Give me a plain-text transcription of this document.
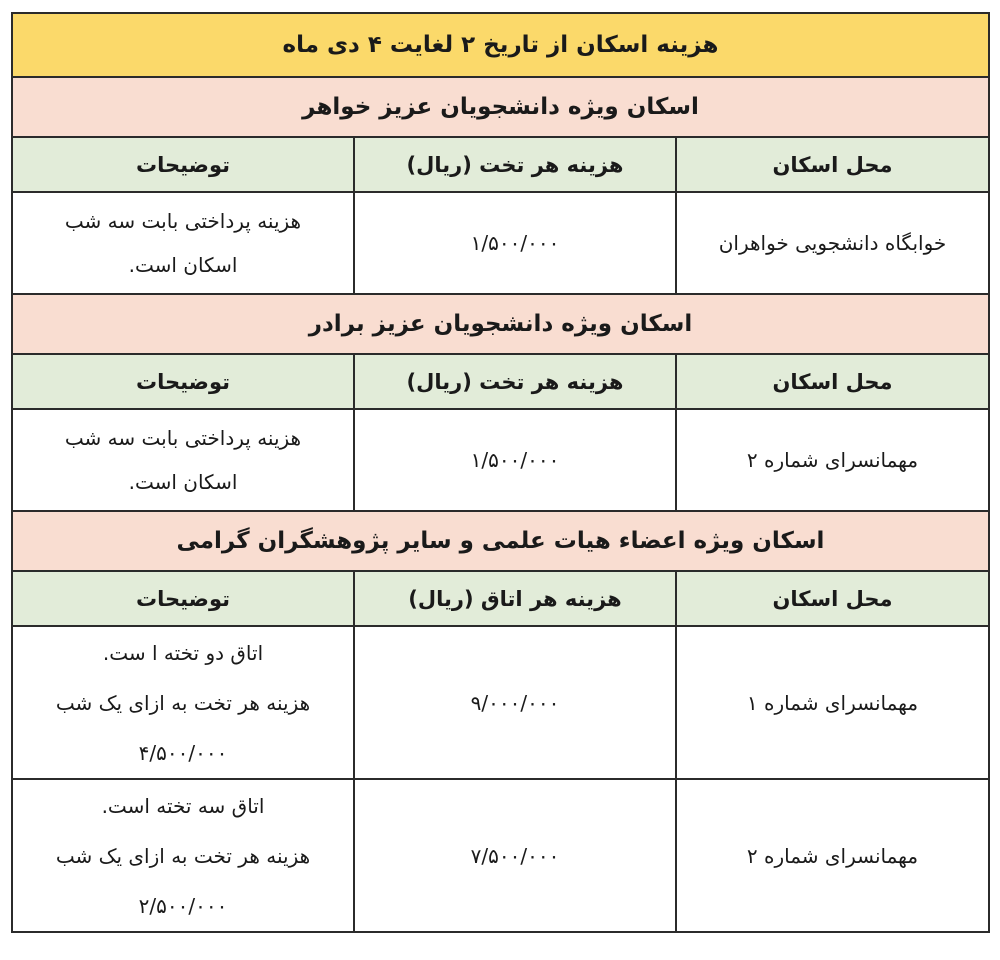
هزینه اسکان از تاریخ ۲ لغایت ۴ دی ماه		
اسکان ویژه دانشجویان عزیز خواهر		
محل اسکان	هزینه هر تخت (ریال)	توضیحات
خوابگاه دانشجویی خواهران	۱/۵۰۰/۰۰۰	هزینه پرداختی بابت سه شب
اسکان است.

اسکان ویژه دانشجویان عزیز برادر		
محل اسکان	هزینه هر تخت (ریال)	توضیحات
مهمانسرای شماره ۲	۱/۵۰۰/۰۰۰	هزینه پرداختی بابت سه شب
اسکان است.

اسکان ویژه اعضاء هیات علمی و سایر پژوهشگران گرامی		
محل اسکان	هزینه هر اتاق (ریال)	توضیحات
مهمانسرای شماره ۱	۹/۰۰۰/۰۰۰	اتاق دو تخته ا ست.
هزینه هر تخت به ازای یک شب
۴/۵۰۰/۰۰۰

مهمانسرای شماره ۲	۷/۵۰۰/۰۰۰	اتاق سه تخته است.
هزینه هر تخت به ازای یک شب
۲/۵۰۰/۰۰۰
